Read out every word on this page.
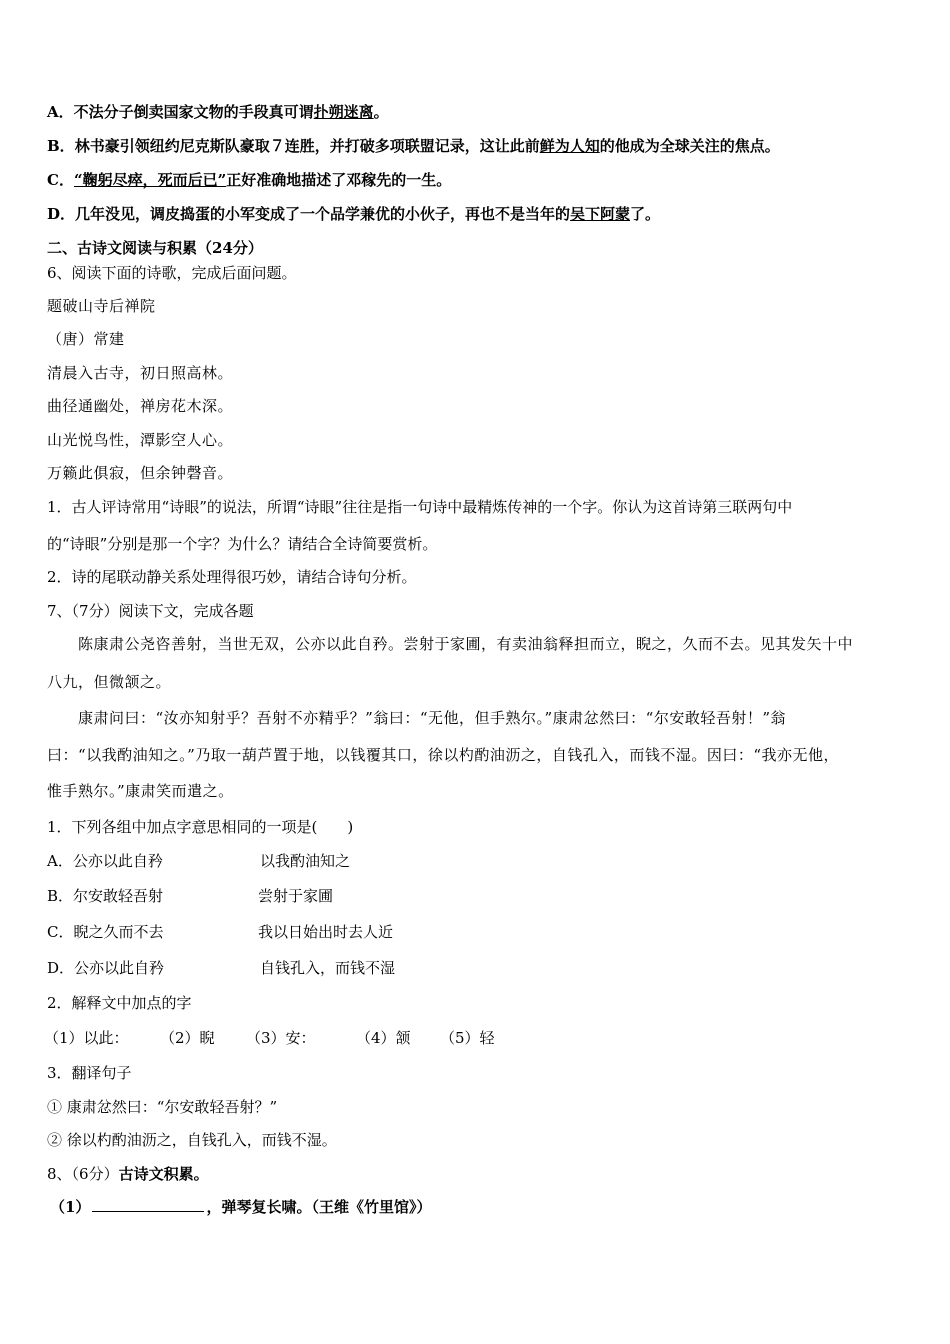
A．不法分子倒卖国家文物的手段真可谓扑朔迷离。
B．林书豪引领纽约尼克斯队豪取７连胜，并打破多项联盟记录，这让此前鲜为人知的他成为全球关注的焦点。
C．“鞠躬尽瘁，死而后已”正好准确地描述了邓稼先的一生。
D．几年没见，调皮捣蛋的小军变成了一个品学兼优的小伙子，再也不是当年的吴下阿蒙了。
二、古诗文阅读与积累（24分）
6、阅读下面的诗歌，完成后面问题。
题破山寺后禅院
（唐）常建
清晨入古寺，初日照高林。
曲径通幽处，禅房花木深。
山光悦鸟性，潭影空人心。
万籁此俱寂，但余钟磬音。
1．古人评诗常用“诗眼”的说法，所谓“诗眼”往往是指一句诗中最精炼传神的一个字。你认为这首诗第三联两句中
的“诗眼”分别是那一个字？为什么？请结合全诗简要赏析。
2．诗的尾联动静关系处理得很巧妙，请结合诗句分析。
7、（7分）阅读下文，完成各题
陈康肃公尧咨善射，当世无双，公亦以此自矜。尝射于家圃，有卖油翁释担而立，睨之，久而不去。见其发矢十中
八九，但微颔之。
康肃问曰：“汝亦知射乎？吾射不亦精乎？”翁曰：“无他，但手熟尔。”康肃忿然曰：“尔安敢轻吾射！”翁
曰：“以我酌油知之。”乃取一葫芦置于地，以钱覆其口，徐以杓酌油沥之，自钱孔入，而钱不湿。因曰：“我亦无他，
惟手熟尔。”康肃笑而遣之。
1．下列各组中加点字意思相同的一项是(　　)
A．公亦以此自矜	以我酌油知之
B．尔安敢轻吾射	尝射于家圃
C．睨之久而不去	我以日始出时去人近
D．公亦以此自矜	自钱孔入，而钱不湿
2．解释文中加点的字
（1）以此： （2）睨 （3）安：	（4）颔 （5）轻
3．翻译句子
① 康肃忿然曰：“尔安敢轻吾射？”
② 徐以杓酌油沥之，自钱孔入，而钱不湿。
8、（6分）古诗文积累。
（1）	，弹琴复长啸。（王维《竹里馆》）
